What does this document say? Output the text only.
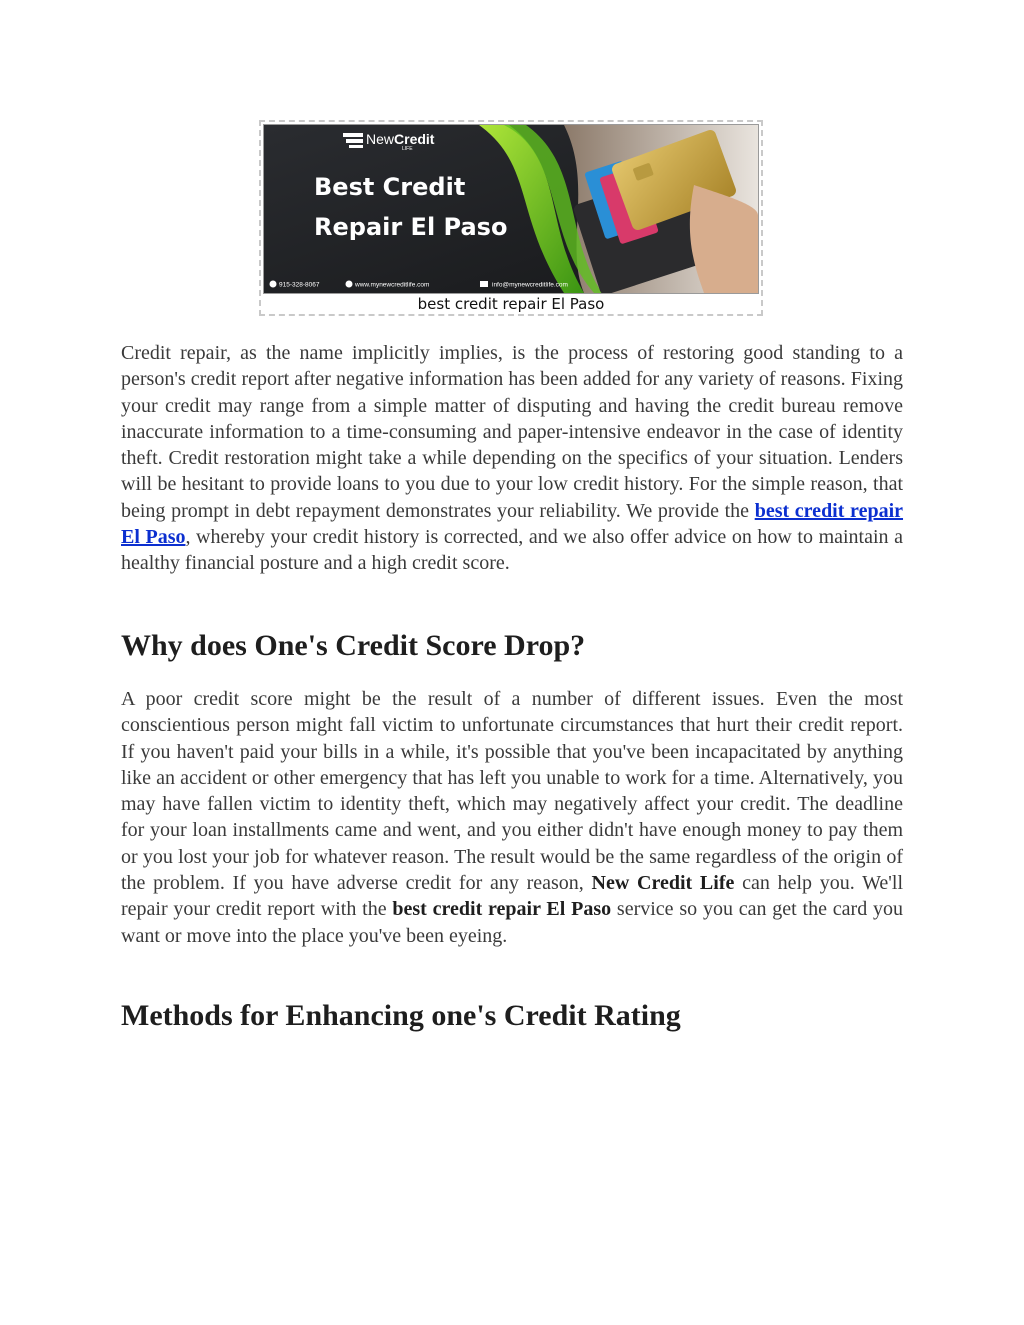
NewCredit
LIFE
Best Credit
Repair El Paso
915-328-8067	www.mynewcreditlife.com	info@mynewcreditlife.com
best credit repair El Paso

Credit repair, as the name implicitly implies, is the process of restoring good standing to a person's credit report after negative information has been added for any variety of reasons. Fixing your credit may range from a simple matter of disputing and having the credit bureau remove inaccurate information to a time-consuming and paper-intensive endeavor in the case of identity theft. Credit restoration might take a while depending on the specifics of your situation. Lenders will be hesitant to provide loans to you due to your low credit history. For the simple reason, that being prompt in debt repayment demonstrates your reliability. We provide the best credit repair El Paso, whereby your credit history is corrected, and we also offer advice on how to maintain a healthy financial posture and a high credit score.

Why does One's Credit Score Drop?

A poor credit score might be the result of a number of different issues. Even the most conscientious person might fall victim to unfortunate circumstances that hurt their credit report. If you haven't paid your bills in a while, it's possible that you've been incapacitated by anything like an accident or other emergency that has left you unable to work for a time. Alternatively, you may have fallen victim to identity theft, which may negatively affect your credit. The deadline for your loan installments came and went, and you either didn't have enough money to pay them or you lost your job for whatever reason. The result would be the same regardless of the origin of the problem. If you have adverse credit for any reason, New Credit Life can help you. We'll repair your credit report with the best credit repair El Paso service so you can get the card you want or move into the place you've been eyeing.

Methods for Enhancing one's Credit Rating
